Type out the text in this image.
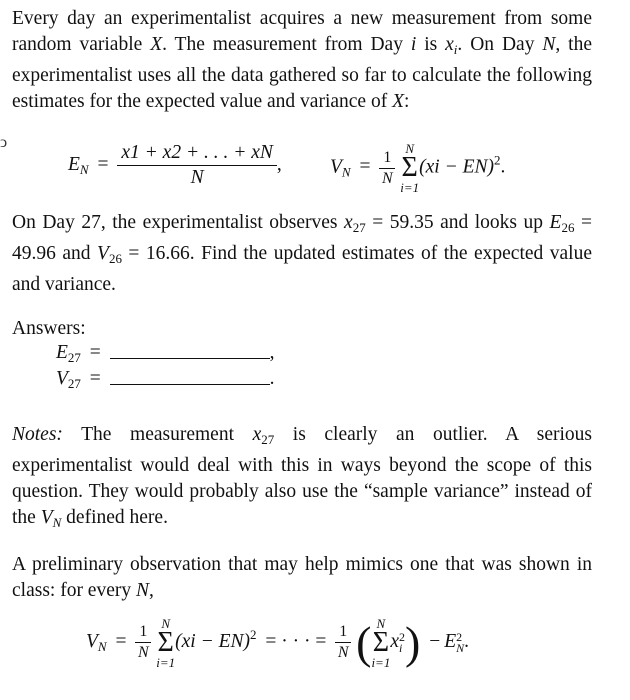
ↄ

Every day an experimentalist acquires a new measurement from some random variable X. The measurement from Day i is $x_i$. On Day N, the experimentalist uses all the data gathered so far to calculate the following estimates for the expected value and variance of X:

$E_N = \frac{x1 + x2 + . . . + xN}{N}$ , $V_N = \frac{1}{N}$
N
Σ
i=1
(xi − EN)$^2$.

On Day 27, the experimentalist observes $x_{27} = 59.35$ and looks up $E_{26} = 49.96$ and $V_{26} = 16.66$. Find the updated estimates of the expected value and variance.

Answers:
$E_{27}$ =	,
$V_{27}$ =	.

Notes: The measurement $x_{27}$ is clearly an outlier. A serious experimentalist would deal with this in ways beyond the scope of this question. They would probably also use the “sample variance” instead of the $V_N$ defined here.

A preliminary observation that may help mimics one that was shown in class: for every N,

$V_N = \frac{1}{N}$
N
Σ
i=1
(xi − EN)$^2$ = · · · = $\frac{1}{N}$ ( N
Σ
i=1
x 2
i ) − E 2
N .
